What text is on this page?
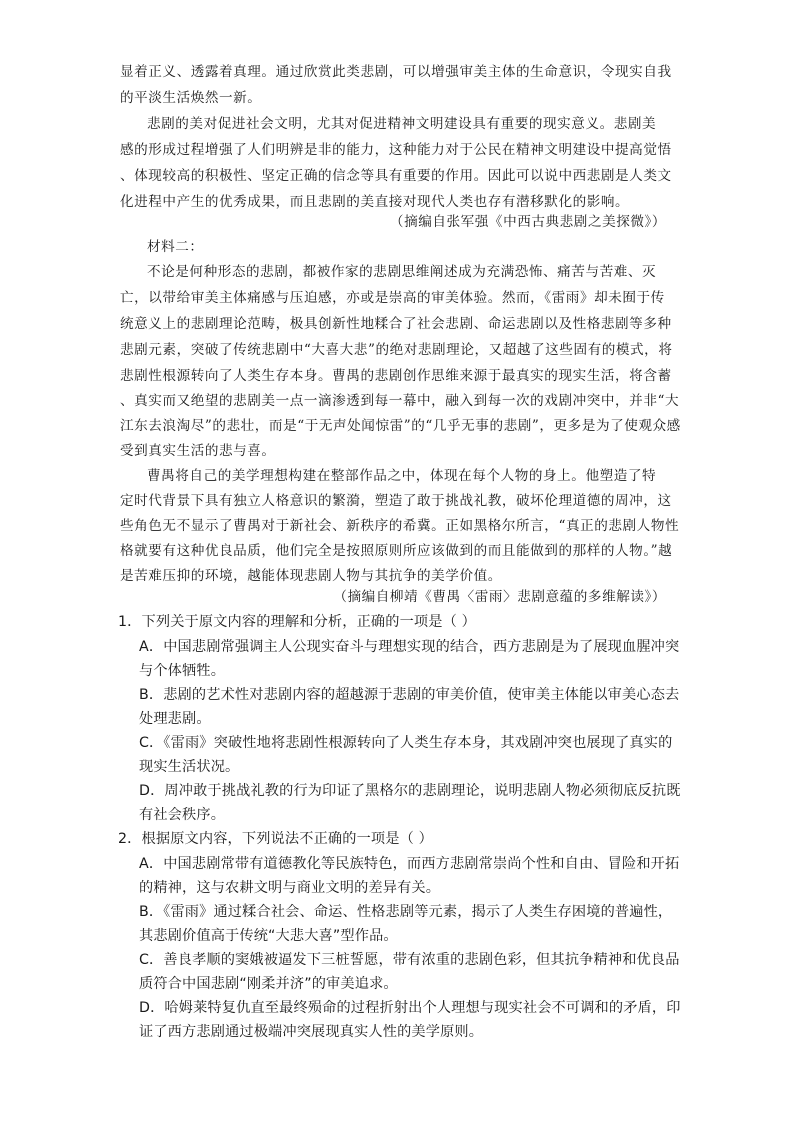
显着正义、透露着真理。通过欣赏此类悲剧，可以增强审美主体的生命意识，令现实自我
的平淡生活焕然一新。
悲剧的美对促进社会文明，尤其对促进精神文明建设具有重要的现实意义。悲剧美
感的形成过程增强了人们明辨是非的能力，这种能力对于公民在精神文明建设中提高觉悟
、体现较高的积极性、坚定正确的信念等具有重要的作用。因此可以说中西悲剧是人类文
化进程中产生的优秀成果，而且悲剧的美直接对现代人类也存有潜移默化的影响。
（摘编自张军强《中西古典悲剧之美探微》）
材料二：
不论是何种形态的悲剧，都被作家的悲剧思维阐述成为充满恐怖、痛苦与苦难、灭
亡，以带给审美主体痛感与压迫感，亦或是崇高的审美体验。然而，《雷雨》却未囿于传
统意义上的悲剧理论范畴，极具创新性地糅合了社会悲剧、命运悲剧以及性格悲剧等多种
悲剧元素，突破了传统悲剧中“大喜大悲”的绝对悲剧理论，又超越了这些固有的模式，将
悲剧性根源转向了人类生存本身。曹禺的悲剧创作思维来源于最真实的现实生活，将含蓄
、真实而又绝望的悲剧美一点一滴渗透到每一幕中，融入到每一次的戏剧冲突中，并非“大
江东去浪淘尽”的悲壮，而是“于无声处闻惊雷”的“几乎无事的悲剧”，更多是为了使观众感
受到真实生活的悲与喜。
曹禺将自己的美学理想构建在整部作品之中，体现在每个人物的身上。他塑造了特
定时代背景下具有独立人格意识的繁漪，塑造了敢于挑战礼教，破坏伦理道德的周冲，这
些角色无不显示了曹禺对于新社会、新秩序的希冀。正如黑格尔所言，“真正的悲剧人物性
格就要有这种优良品质，他们完全是按照原则所应该做到的而且能做到的那样的人物。”越
是苦难压抑的环境，越能体现悲剧人物与其抗争的美学价值。
（摘编自柳靖《曹禺〈雷雨〉悲剧意蕴的多维解读》）
1．下列关于原文内容的理解和分析，正确的一项是（ ）
A．中国悲剧常强调主人公现实奋斗与理想实现的结合，西方悲剧是为了展现血腥冲突
与个体牺牲。
B．悲剧的艺术性对悲剧内容的超越源于悲剧的审美价值，使审美主体能以审美心态去
处理悲剧。
C．《雷雨》突破性地将悲剧性根源转向了人类生存本身，其戏剧冲突也展现了真实的
现实生活状况。
D．周冲敢于挑战礼教的行为印证了黑格尔的悲剧理论，说明悲剧人物必须彻底反抗既
有社会秩序。
2．根据原文内容，下列说法不正确的一项是（ ）
A．中国悲剧常带有道德教化等民族特色，而西方悲剧常崇尚个性和自由、冒险和开拓
的精神，这与农耕文明与商业文明的差异有关。
B．《雷雨》通过糅合社会、命运、性格悲剧等元素，揭示了人类生存困境的普遍性，
其悲剧价值高于传统“大悲大喜”型作品。
C．善良孝顺的窦娥被逼发下三桩誓愿，带有浓重的悲剧色彩，但其抗争精神和优良品
质符合中国悲剧“刚柔并济”的审美追求。
D．哈姆莱特复仇直至最终殒命的过程折射出个人理想与现实社会不可调和的矛盾，印
证了西方悲剧通过极端冲突展现真实人性的美学原则。
